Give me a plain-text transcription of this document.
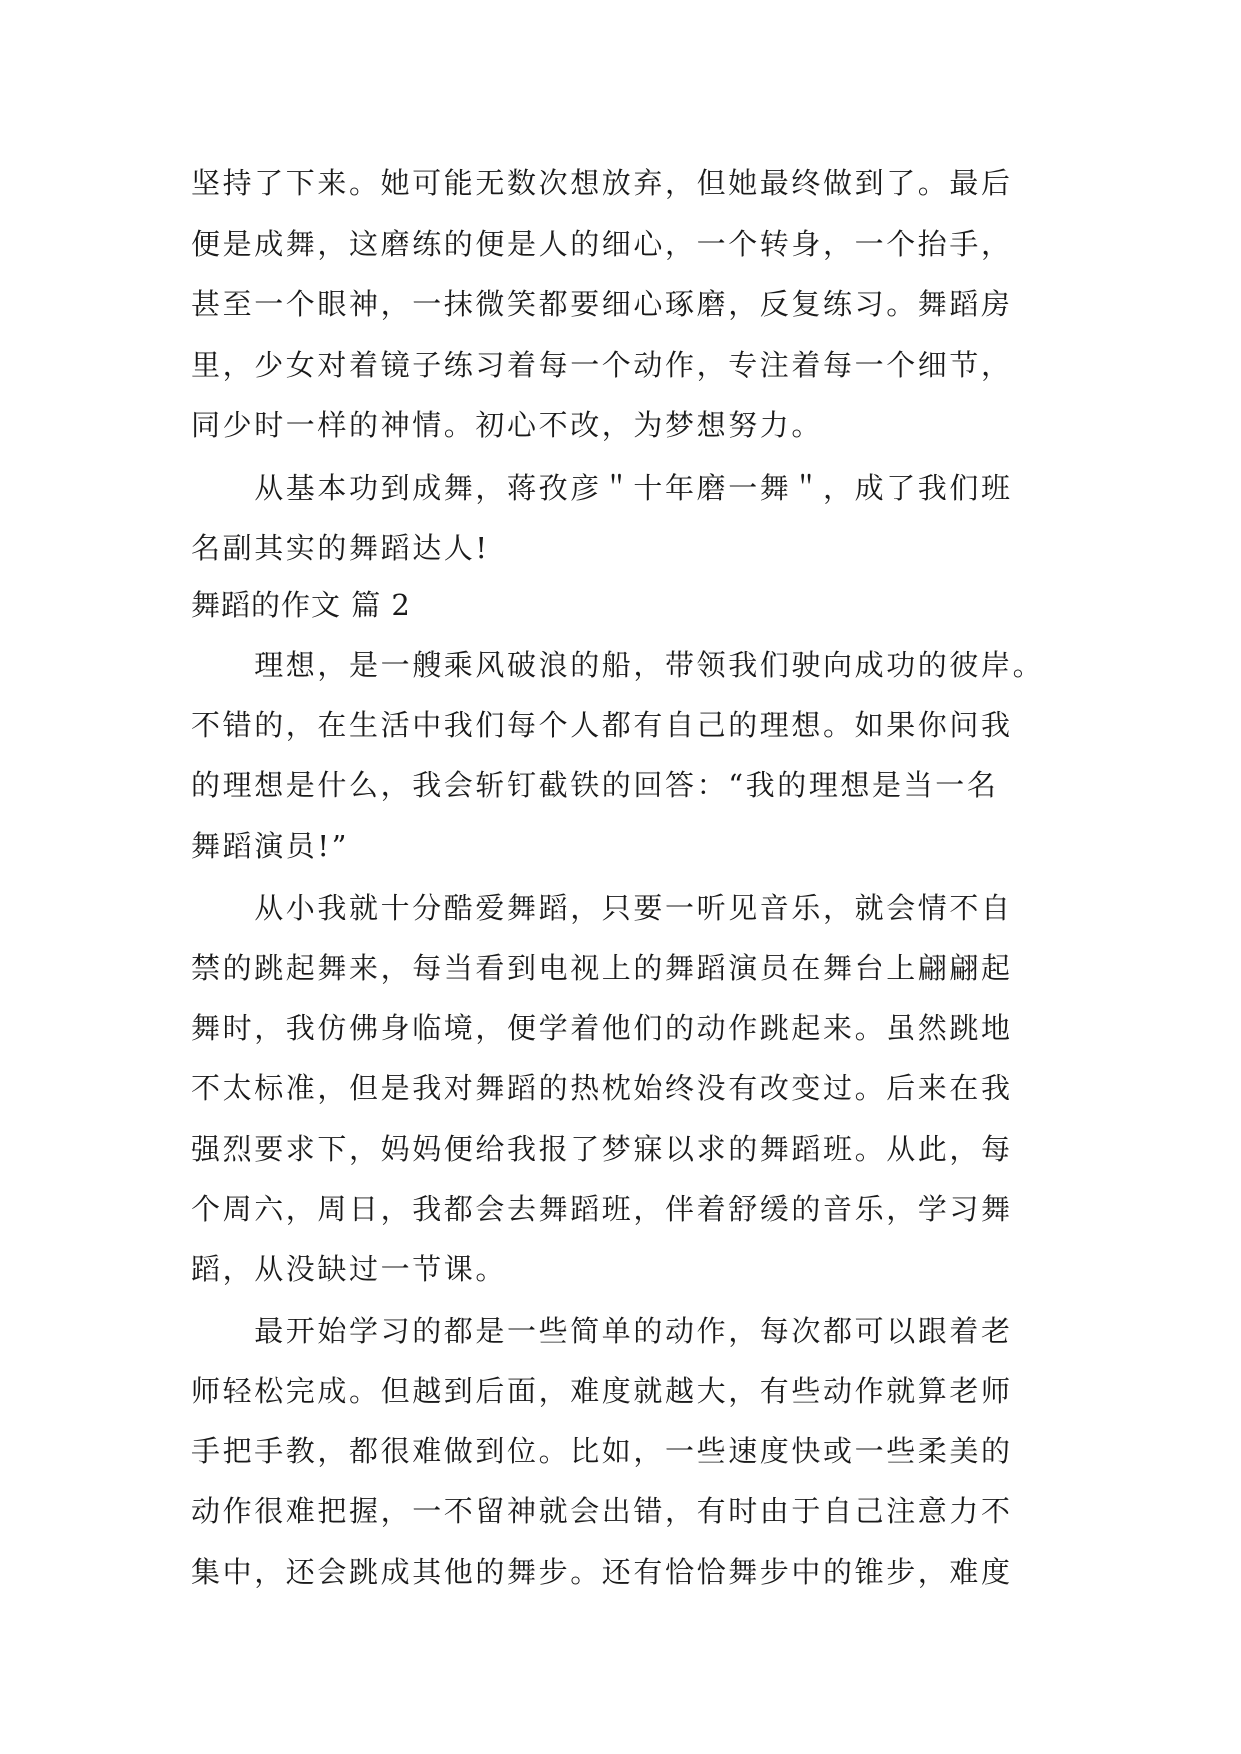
坚持了下来。她可能无数次想放弃，但她最终做到了。最后
便是成舞，这磨练的便是人的细心，一个转身，一个抬手，
甚至一个眼神，一抹微笑都要细心琢磨，反复练习。舞蹈房
里，少女对着镜子练习着每一个动作，专注着每一个细节，
同少时一样的神情。初心不改，为梦想努力。
　　从基本功到成舞，蒋孜彦＂十年磨一舞＂，成了我们班
名副其实的舞蹈达人!
舞蹈的作文 篇 2
　　理想，是一艘乘风破浪的船，带领我们驶向成功的彼岸。
不错的，在生活中我们每个人都有自己的理想。如果你问我
的理想是什么，我会斩钉截铁的回答：“我的理想是当一名
舞蹈演员!”
　　从小我就十分酷爱舞蹈，只要一听见音乐，就会情不自
禁的跳起舞来，每当看到电视上的舞蹈演员在舞台上翩翩起
舞时，我仿佛身临境，便学着他们的动作跳起来。虽然跳地
不太标准，但是我对舞蹈的热枕始终没有改变过。后来在我
强烈要求下，妈妈便给我报了梦寐以求的舞蹈班。从此，每
个周六，周日，我都会去舞蹈班，伴着舒缓的音乐，学习舞
蹈，从没缺过一节课。
　　最开始学习的都是一些简单的动作，每次都可以跟着老
师轻松完成。但越到后面，难度就越大，有些动作就算老师
手把手教，都很难做到位。比如，一些速度快或一些柔美的
动作很难把握，一不留神就会出错，有时由于自己注意力不
集中，还会跳成其他的舞步。还有恰恰舞步中的锥步，难度
